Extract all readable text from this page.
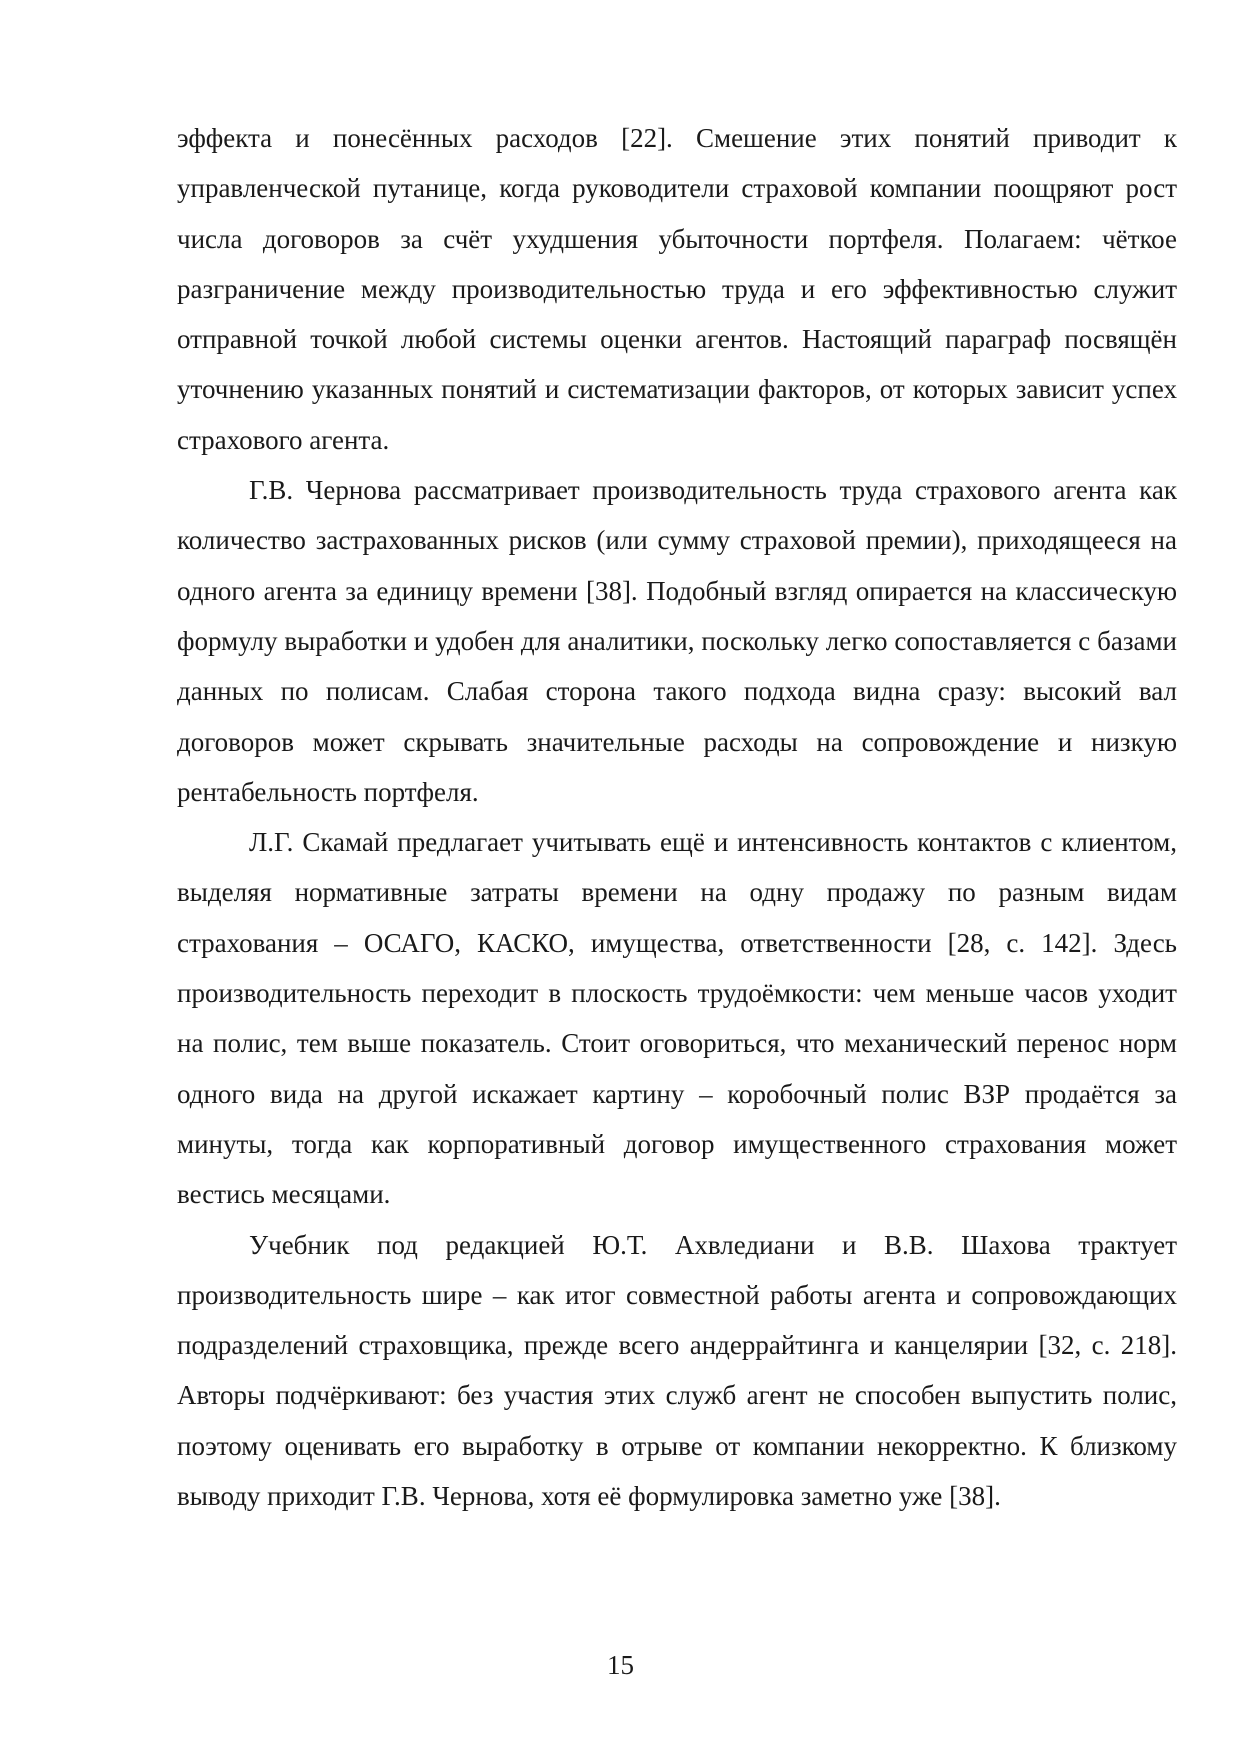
эффекта и понесённых расходов [22]. Смешение этих понятий приводит к управленческой путанице, когда руководители страховой компании поощряют рост числа договоров за счёт ухудшения убыточности портфеля. Полагаем: чёткое разграничение между производительностью труда и его эффективностью служит отправной точкой любой системы оценки агентов. Настоящий параграф посвящён уточнению указанных понятий и систематизации факторов, от которых зависит успех страхового агента.

Г.В. Чернова рассматривает производительность труда страхового агента как количество застрахованных рисков (или сумму страховой премии), приходящееся на одного агента за единицу времени [38]. Подобный взгляд опирается на классическую формулу выработки и удобен для аналитики, поскольку легко сопоставляется с базами данных по полисам. Слабая сторона такого подхода видна сразу: высокий вал договоров может скрывать значительные расходы на сопровождение и низкую рентабельность портфеля.

Л.Г. Скамай предлагает учитывать ещё и интенсивность контактов с клиентом, выделяя нормативные затраты времени на одну продажу по разным видам страхования – ОСАГО, КАСКО, имущества, ответственности [28, с. 142]. Здесь производительность переходит в плоскость трудоёмкости: чем меньше часов уходит на полис, тем выше показатель. Стоит оговориться, что механический перенос норм одного вида на другой искажает картину – коробочный полис ВЗР продаётся за минуты, тогда как корпоративный договор имущественного страхования может вестись месяцами.

Учебник под редакцией Ю.Т. Ахвледиани и В.В. Шахова трактует производительность шире – как итог совместной работы агента и сопровождающих подразделений страховщика, прежде всего андеррайтинга и канцелярии [32, с. 218]. Авторы подчёркивают: без участия этих служб агент не способен выпустить полис, поэтому оценивать его выработку в отрыве от компании некорректно. К близкому выводу приходит Г.В. Чернова, хотя её формулировка заметно уже [38].

15
